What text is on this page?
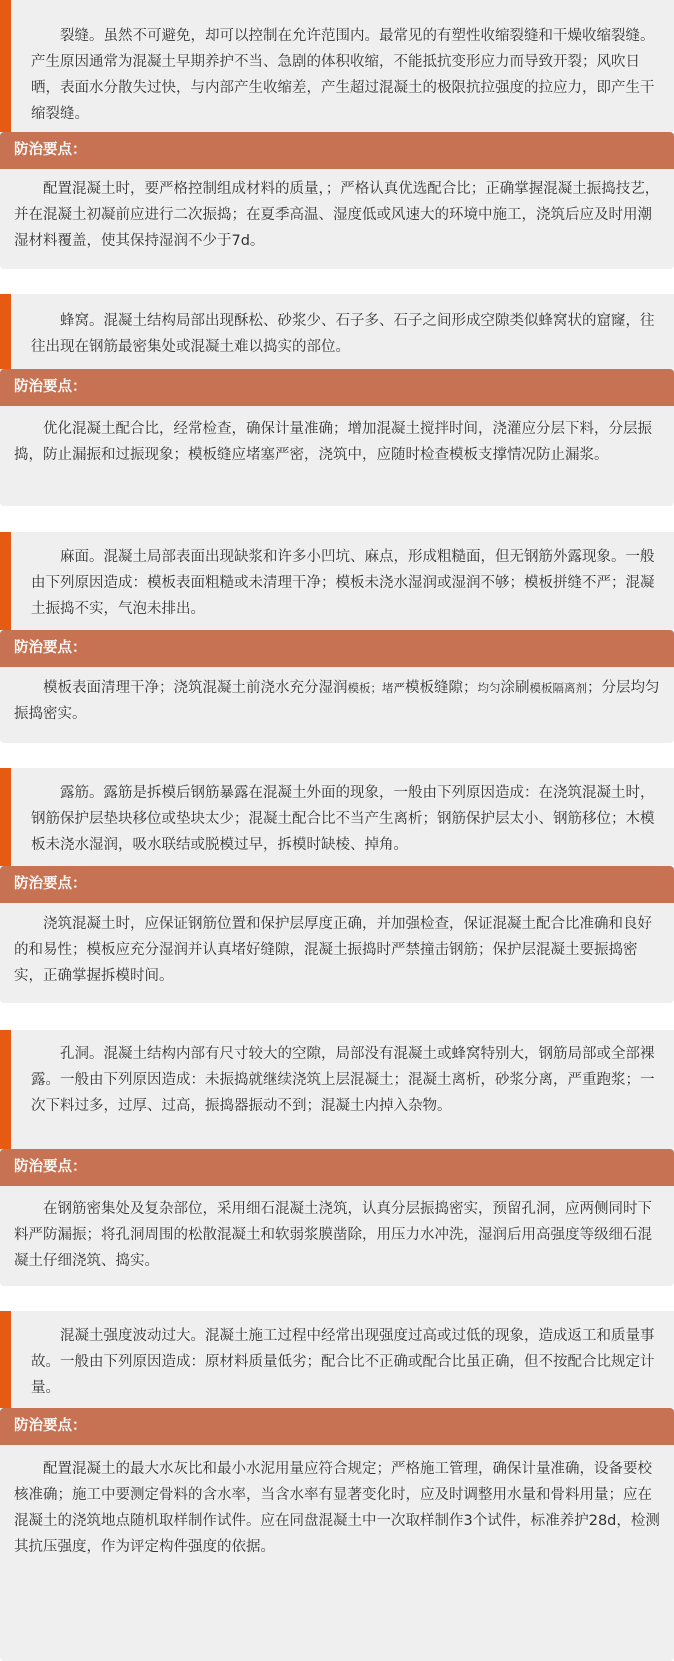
裂缝。虽然不可避免，却可以控制在允许范围内。最常见的有塑性收缩裂缝和干燥收缩裂缝。产生原因通常为混凝土早期养护不当、急剧的体积收缩，不能抵抗变形应力而导致开裂；风吹日晒，表面水分散失过快，与内部产生收缩差，产生超过混凝土的极限抗拉强度的拉应力，即产生干缩裂缝。

防治要点：

配置混凝土时，要严格控制组成材料的质量，；严格认真优选配合比；正确掌握混凝土振捣技艺，并在混凝土初凝前应进行二次振捣；在夏季高温、湿度低或风速大的环境中施工，浇筑后应及时用潮湿材料覆盖，使其保持湿润不少于7d。

蜂窝。混凝土结构局部出现酥松、砂浆少、石子多、石子之间形成空隙类似蜂窝状的窟窿，往往出现在钢筋最密集处或混凝土难以捣实的部位。

防治要点：

优化混凝土配合比，经常检查，确保计量准确；增加混凝土搅拌时间，浇灌应分层下料，分层振捣，防止漏振和过振现象；模板缝应堵塞严密，浇筑中，应随时检查模板支撑情况防止漏浆。

麻面。混凝土局部表面出现缺浆和许多小凹坑、麻点，形成粗糙面，但无钢筋外露现象。一般由下列原因造成：模板表面粗糙或未清理干净；模板未浇水湿润或湿润不够；模板拼缝不严；混凝土振捣不实，气泡未排出。

防治要点：

模板表面清理干净；浇筑混凝土前浇水充分湿润模板；堵严模板缝隙；均匀涂刷模板隔离剂；分层均匀振捣密实。

露筋。露筋是拆模后钢筋暴露在混凝土外面的现象，一般由下列原因造成：在浇筑混凝土时，钢筋保护层垫块移位或垫块太少；混凝土配合比不当产生离析；钢筋保护层太小、钢筋移位；木模板未浇水湿润，吸水联结或脱模过早，拆模时缺棱、掉角。

防治要点：

浇筑混凝土时，应保证钢筋位置和保护层厚度正确，并加强检查，保证混凝土配合比准确和良好的和易性；模板应充分湿润并认真堵好缝隙，混凝土振捣时严禁撞击钢筋；保护层混凝土要振捣密实，正确掌握拆模时间。

孔洞。混凝土结构内部有尺寸较大的空隙，局部没有混凝土或蜂窝特别大，钢筋局部或全部裸露。一般由下列原因造成：未振捣就继续浇筑上层混凝土；混凝土离析，砂浆分离，严重跑浆；一次下料过多，过厚、过高，振捣器振动不到；混凝土内掉入杂物。

防治要点：

在钢筋密集处及复杂部位，采用细石混凝土浇筑，认真分层振捣密实，预留孔洞，应两侧同时下料严防漏振；将孔洞周围的松散混凝土和软弱浆膜凿除，用压力水冲洗，湿润后用高强度等级细石混凝土仔细浇筑、捣实。

混凝土强度波动过大。混凝土施工过程中经常出现强度过高或过低的现象，造成返工和质量事故。一般由下列原因造成：原材料质量低劣；配合比不正确或配合比虽正确，但不按配合比规定计量。

防治要点：

配置混凝土的最大水灰比和最小水泥用量应符合规定；严格施工管理，确保计量准确，设备要校核准确；施工中要测定骨料的含水率，当含水率有显著变化时，应及时调整用水量和骨料用量；应在混凝土的浇筑地点随机取样制作试件。应在同盘混凝土中一次取样制作3个试件，标准养护28d，检测其抗压强度，作为评定构件强度的依据。
